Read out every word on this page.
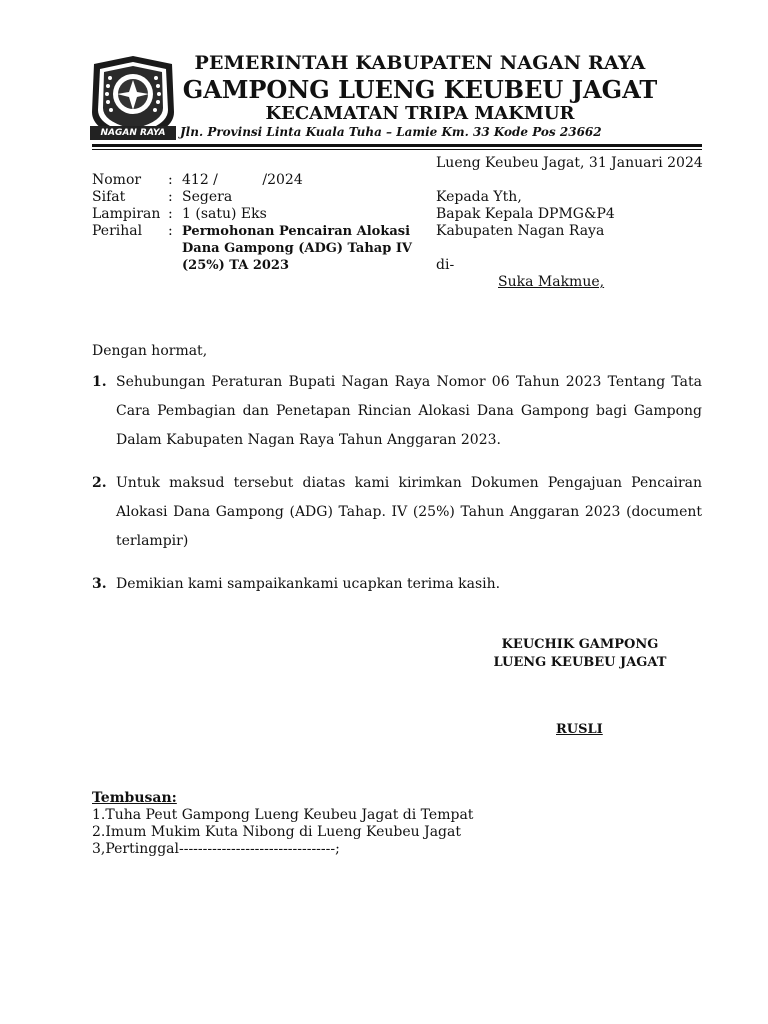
NAGAN RAYA
PEMERINTAH KABUPATEN NAGAN RAYA
GAMPONG LUENG KEUBEU JAGAT
KECAMATAN TRIPA MAKMUR
Jln. Provinsi Linta Kuala Tuha – Lamie Km. 33 Kode Pos 23662
Nomor	: 412 /          /2024
Sifat	: Segera
Lampiran : 1 (satu) Eks
Perihal	: Permohonan Pencairan Alokasi Dana Gampong (ADG) Tahap IV (25%) TA 2023
Lueng Keubeu Jagat, 31 Januari 2024
Kepada Yth,
Bapak Kepala DPMG&P4
Kabupaten Nagan Raya
di-
Suka Makmue,
Dengan hormat,
1. Sehubungan Peraturan Bupati Nagan Raya Nomor 06 Tahun 2023 Tentang Tata Cara Pembagian dan Penetapan Rincian Alokasi Dana Gampong bagi Gampong Dalam Kabupaten Nagan Raya Tahun Anggaran 2023.
2. Untuk maksud tersebut diatas kami kirimkan Dokumen Pengajuan Pencairan Alokasi Dana Gampong (ADG) Tahap. IV (25%) Tahun Anggaran 2023 (document terlampir)
3. Demikian kami sampaikankami ucapkan terima kasih.
KEUCHIK GAMPONG
LUENG KEUBEU JAGAT
RUSLI
Tembusan:
1.Tuha Peut Gampong Lueng Keubeu Jagat di Tempat
2.Imum Mukim Kuta Nibong di Lueng Keubeu Jagat
3,Pertinggal---------------------------------;
